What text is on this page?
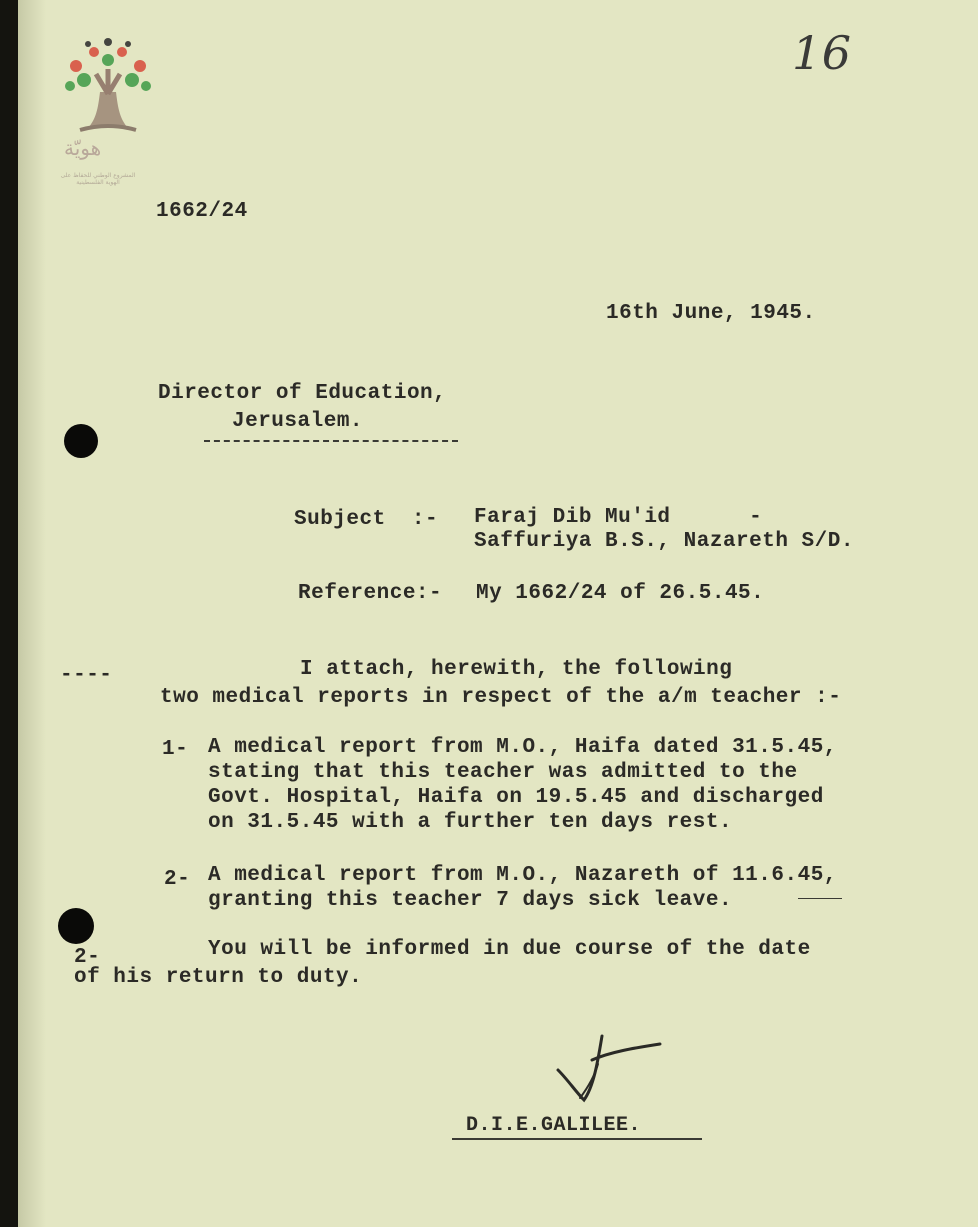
هويّة
المشروع الوطني للحفاظ على الهوية الفلسطينية
16
1662/24
16th June, 1945.
Director of Education,
Jerusalem.
Subject  :- Faraj Dib Mu'id      -
Saffuriya B.S., Nazareth S/D.
Reference:- My 1662/24 of 26.5.45.
----	I attach, herewith, the following
two medical reports in respect of the a/m teacher :-
1- A medical report from M.O., Haifa dated 31.5.45,
stating that this teacher was admitted to the
Govt. Hospital, Haifa on 19.5.45 and discharged
on 31.5.45 with a further ten days rest.
2- A medical report from M.O., Nazareth of 11.6.45,
granting this teacher 7 days sick leave.
2-	You will be informed in due course of the date
of his return to duty.
D.I.E.GALILEE.
